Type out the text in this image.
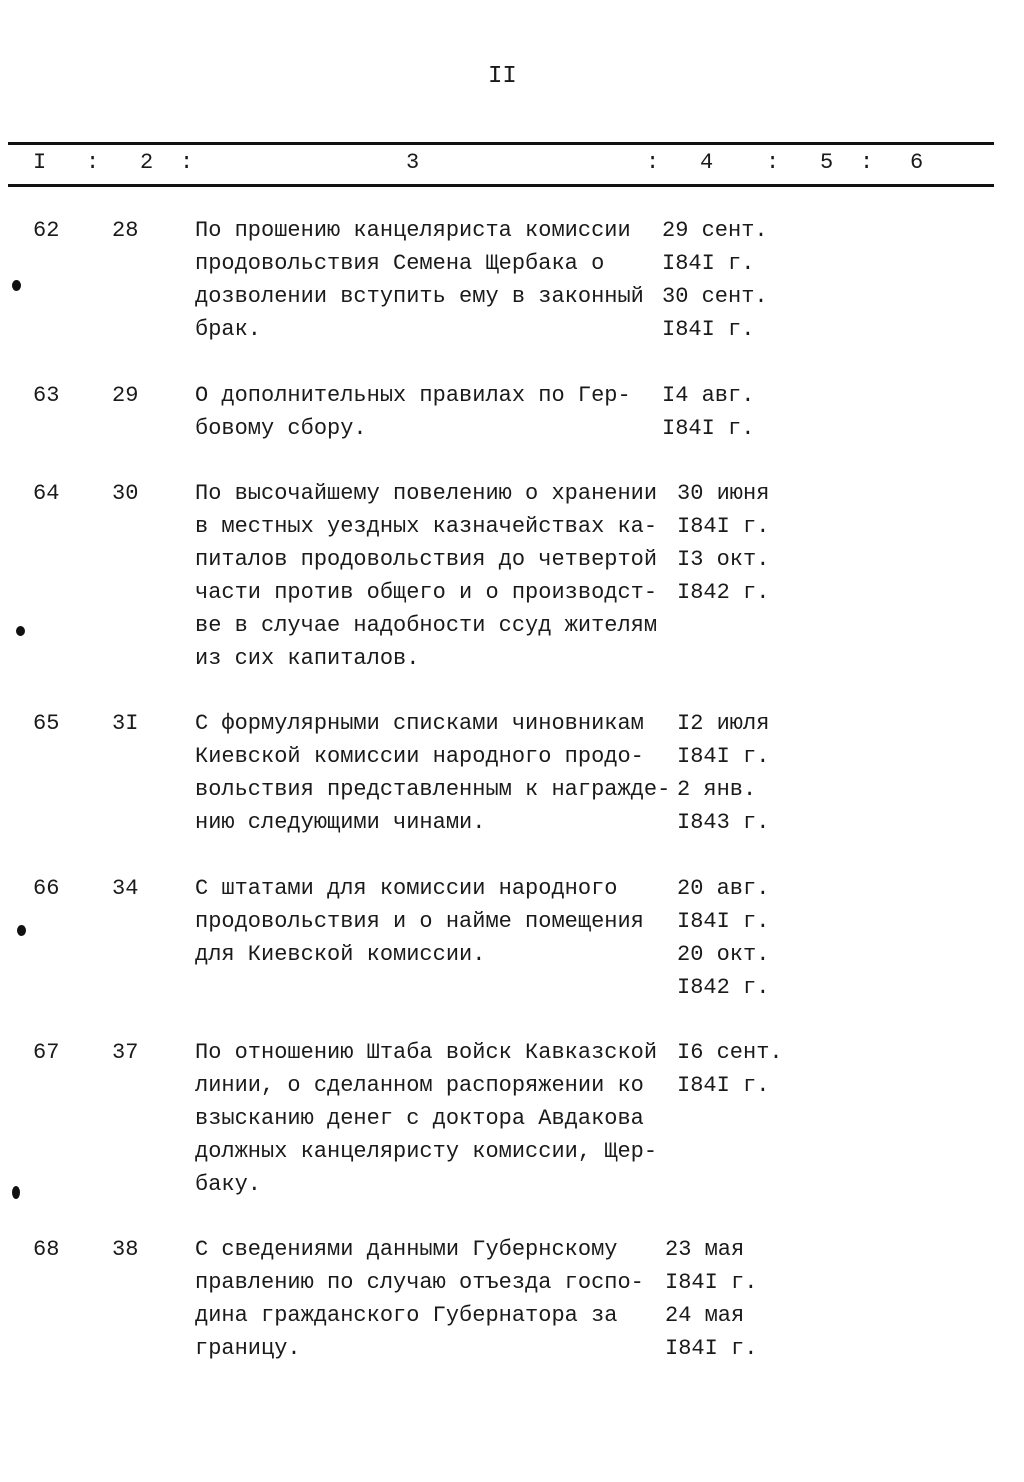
II
I : 2 :	3	: 4 : 5 : 6
62 28	По прошению канцеляриста комиссии
продовольствия Семена Щербака о
дозволении вступить ему в законный
брак.
29 сент.
I84I г.
30 сент.
I84I г.
63 29	О дополнительных правилах по Гер-
бовому сбору.
I4 авг.
I84I г.
64 30	По высочайшему повелению о хранении
в местных уездных казначействах ка-
питалов продовольствия до четвертой
части против общего и о производст-
ве в случае надобности ссуд жителям
из сих капиталов.
30 июня
I84I г.
I3 окт.
I842 г.
65 3I	С формулярными списками чиновникам
Киевской комиссии народного продо-
вольствия представленным к награжде-
нию следующими чинами.
I2 июля
I84I г.
2 янв.
I843 г.
66 34	С штатами для комиссии народного
продовольствия и о найме помещения
для Киевской комиссии.
20 авг.
I84I г.
20 окт.
I842 г.
67 37	По отношению Штаба войск Кавказской
линии, о сделанном распоряжении ко
взысканию денег с доктора Авдакова
должных канцеляристу комиссии, Щер-
баку.
I6 сент.
I84I г.
68 38	С сведениями данными Губернскому
правлению по случаю отъезда госпо-
дина гражданского Губернатора за
границу.
23 мая
I84I г.
24 мая
I84I г.
